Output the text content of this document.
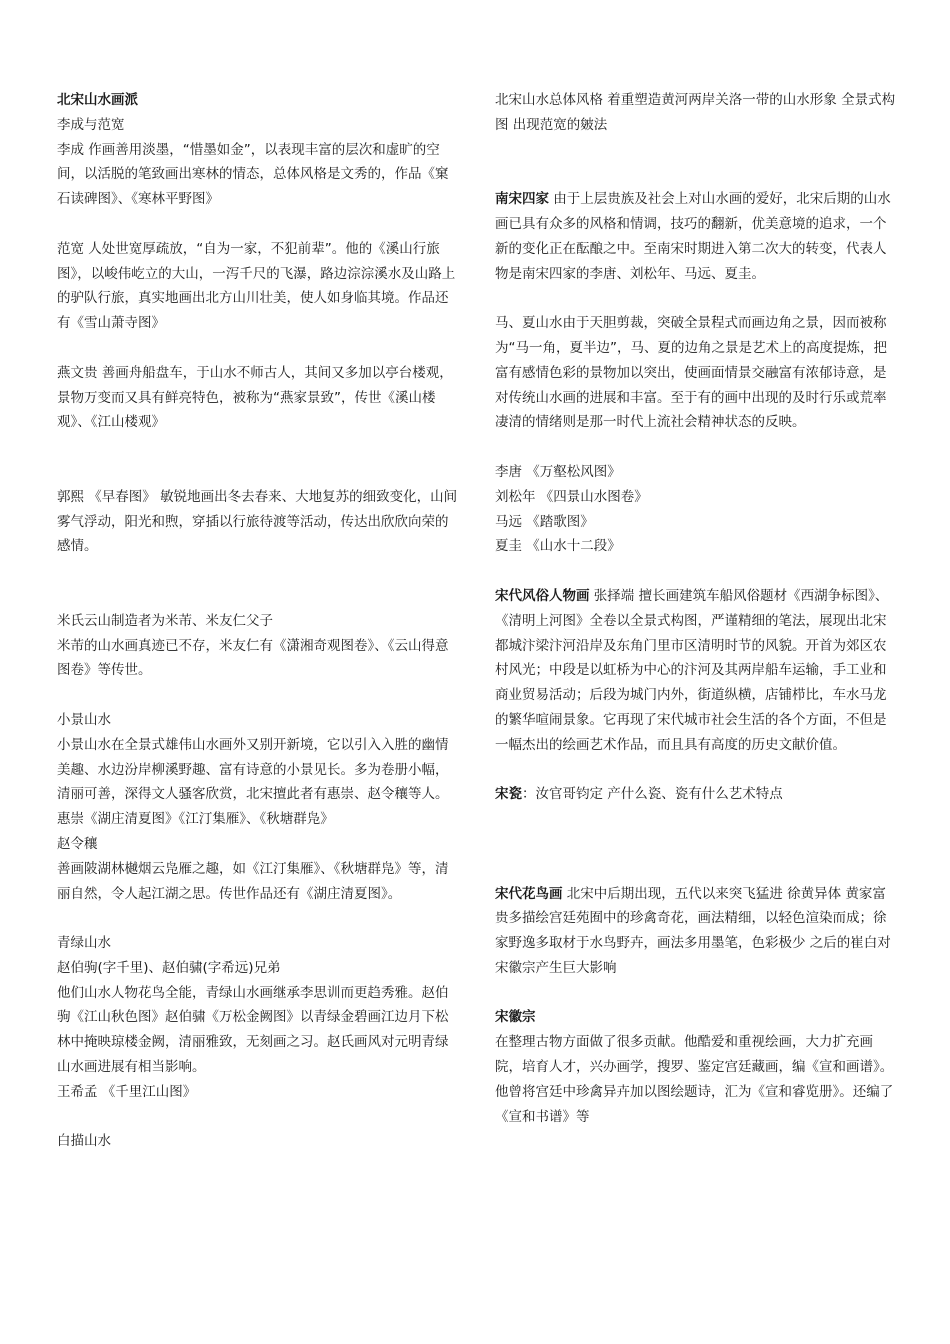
北宋山水画派

李成与范宽

李成 作画善用淡墨，“惜墨如金”，以表现丰富的层次和虚旷的空间，以活脱的笔致画出寒林的情态，总体风格是文秀的，作品《窠石读碑图》、《寒林平野图》

范宽 人处世宽厚疏放，“自为一家，不犯前辈”。他的《溪山行旅图》，以峻伟屹立的大山，一泻千尺的飞瀑，路边淙淙溪水及山路上的驴队行旅，真实地画出北方山川壮美，使人如身临其境。作品还有《雪山萧寺图》

燕文贵 善画舟船盘车，于山水不师古人，其间又多加以亭台楼观，景物万变而又具有鲜亮特色，被称为“燕家景致”，传世《溪山楼观》、《江山楼观》

郭熙 《早春图》 敏锐地画出冬去春来、大地复苏的细致变化，山间雾气浮动，阳光和煦，穿插以行旅待渡等活动，传达出欣欣向荣的感情。

米氏云山制造者为米芾、米友仁父子

米芾的山水画真迹已不存，米友仁有《潇湘奇观图卷》、《云山得意图卷》等传世。

小景山水

小景山水在全景式雄伟山水画外又别开新境，它以引入入胜的幽情美趣、水边汾岸柳溪野趣、富有诗意的小景见长。多为卷册小幅，清丽可善，深得文人骚客欣赏，北宋擅此者有惠崇、赵令穰等人。

惠崇《湖庄清夏图》《江汀集雁》、《秋塘群凫》

赵令穰

善画陂湖林樾烟云凫雁之趣，如《江汀集雁》、《秋塘群凫》等，清丽自然，令人起江湖之思。传世作品还有《湖庄清夏图》。

青绿山水

赵伯驹(字千里)、赵伯骕(字希远)兄弟

他们山水人物花鸟全能，青绿山水画继承李思训而更趋秀雅。赵伯驹《江山秋色图》赵伯骕《万松金阙图》以青绿金碧画江边月下松林中掩映琼楼金阙，清丽雅致，无刻画之习。赵氏画风对元明青绿山水画进展有相当影响。

王希孟 《千里江山图》

白描山水

北宋山水总体风格 着重塑造黄河两岸关洛一带的山水形象 全景式构图 出现范宽的皴法

南宋四家 由于上层贵族及社会上对山水画的爱好，北宋后期的山水画已具有众多的风格和情调，技巧的翻新，优美意境的追求，一个新的变化正在酝酿之中。至南宋时期进入第二次大的转变，代表人物是南宋四家的李唐、刘松年、马远、夏圭。

马、夏山水由于天胆剪裁，突破全景程式而画边角之景，因而被称为“马一角，夏半边”，马、夏的边角之景是艺术上的高度提炼，把富有感情色彩的景物加以突出，使画面情景交融富有浓郁诗意，是对传统山水画的进展和丰富。至于有的画中出现的及时行乐或荒率凄清的情绪则是那一时代上流社会精神状态的反映。

李唐 《万壑松风图》

刘松年 《四景山水图卷》

马远 《踏歌图》

夏圭 《山水十二段》

宋代风俗人物画 张择端 擅长画建筑车船风俗题材《西湖争标图》、《清明上河图》全卷以全景式构图，严谨精细的笔法，展现出北宋都城汴梁汴河沿岸及东角门里市区清明时节的风貌。开首为郊区农村风光；中段是以虹桥为中心的汴河及其两岸船车运输，手工业和商业贸易活动；后段为城门内外，街道纵横，店铺栉比，车水马龙的繁华喧闹景象。它再现了宋代城市社会生活的各个方面，不但是一幅杰出的绘画艺术作品，而且具有高度的历史文献价值。

宋瓷：汝官哥钧定 产什么瓷、瓷有什么艺术特点

宋代花鸟画 北宋中后期出现，五代以来突飞猛进 徐黄异体 黄家富贵多描绘宫廷苑囿中的珍禽奇花，画法精细，以轻色渲染而成；徐家野逸多取材于水鸟野卉，画法多用墨笔，色彩极少 之后的崔白对宋徽宗产生巨大影响

宋徽宗

在整理古物方面做了很多贡献。他酷爱和重视绘画，大力扩充画院，培育人才，兴办画学，搜罗、鉴定宫廷藏画，编《宣和画谱》。他曾将宫廷中珍禽异卉加以图绘题诗，汇为《宣和睿览册》。还编了《宣和书谱》等
